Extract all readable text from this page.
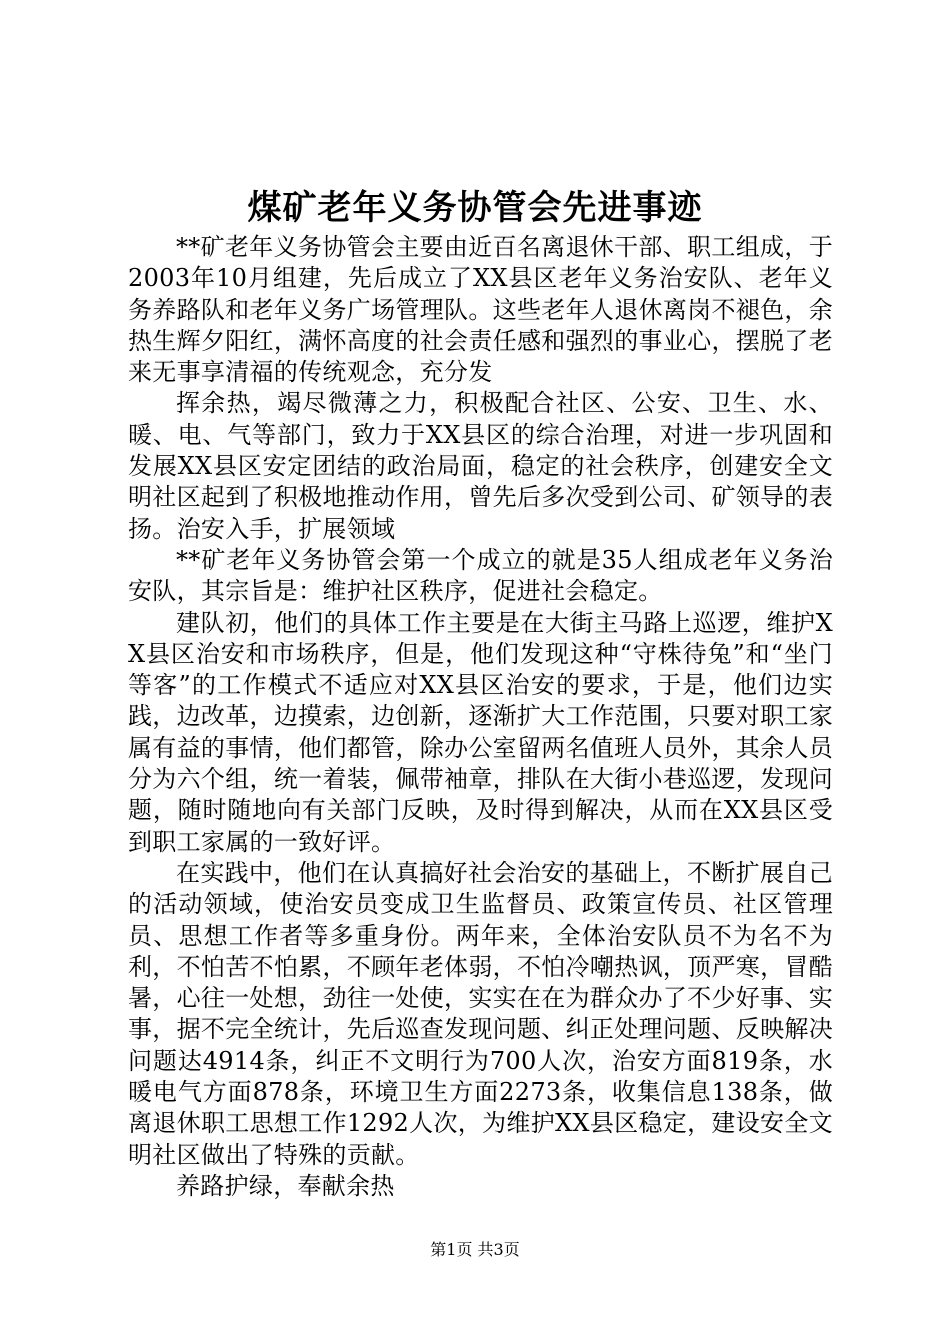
煤矿老年义务协管会先进事迹

**矿老年义务协管会主要由近百名离退休干部、职工组成，于2003年10月组建，先后成立了XX县区老年义务治安队、老年义务养路队和老年义务广场管理队。这些老年人退休离岗不褪色，余热生辉夕阳红，满怀高度的社会责任感和强烈的事业心，摆脱了老来无事享清福的传统观念，充分发

挥余热，竭尽微薄之力，积极配合社区、公安、卫生、水、暖、电、气等部门，致力于XX县区的综合治理，对进一步巩固和发展XX县区安定团结的政治局面，稳定的社会秩序，创建安全文明社区起到了积极地推动作用，曾先后多次受到公司、矿领导的表扬。治安入手，扩展领域

**矿老年义务协管会第一个成立的就是35人组成老年义务治安队，其宗旨是：维护社区秩序，促进社会稳定。

建队初，他们的具体工作主要是在大街主马路上巡逻，维护XX县区治安和市场秩序，但是，他们发现这种“守株待兔”和“坐门等客”的工作模式不适应对XX县区治安的要求，于是，他们边实践，边改革，边摸索，边创新，逐渐扩大工作范围，只要对职工家属有益的事情，他们都管，除办公室留两名值班人员外，其余人员分为六个组，统一着装，佩带袖章，排队在大街小巷巡逻，发现问题，随时随地向有关部门反映，及时得到解决，从而在XX县区受到职工家属的一致好评。

在实践中，他们在认真搞好社会治安的基础上，不断扩展自己的活动领域，使治安员变成卫生监督员、政策宣传员、社区管理员、思想工作者等多重身份。两年来，全体治安队员不为名不为利，不怕苦不怕累，不顾年老体弱，不怕冷嘲热讽，顶严寒，冒酷暑，心往一处想，劲往一处使，实实在在为群众办了不少好事、实事，据不完全统计，先后巡查发现问题、纠正处理问题、反映解决问题达4914条，纠正不文明行为700人次，治安方面819条，水暖电气方面878条，环境卫生方面2273条，收集信息138条，做离退休职工思想工作1292人次，为维护XX县区稳定，建设安全文明社区做出了特殊的贡献。

养路护绿，奉献余热

第1页 共3页
